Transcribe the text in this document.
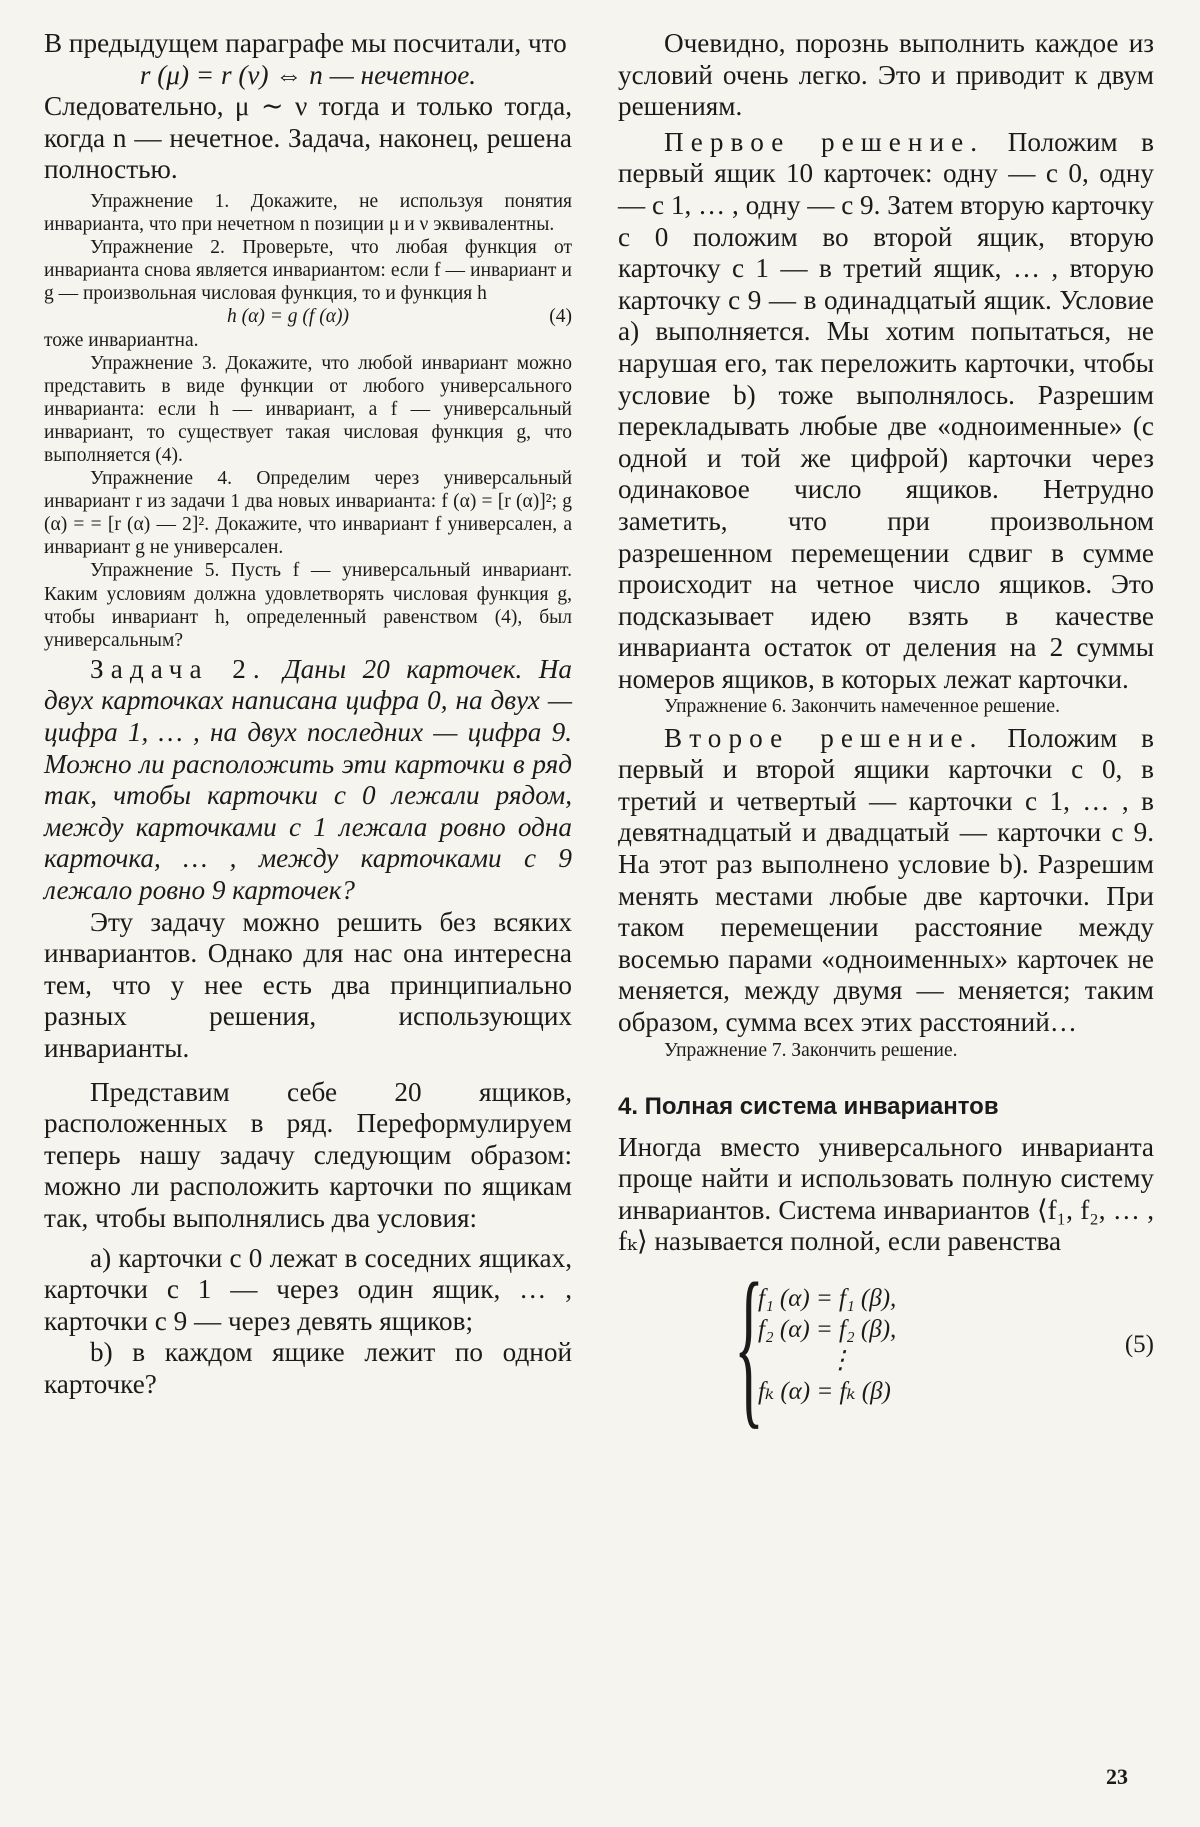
В предыдущем параграфе мы посчитали, что

r (μ) = r (ν) ⇔ n — нечетное.

Следовательно, μ ∼ ν тогда и только тогда, когда n — нечетное. Задача, наконец, решена полностью.

Упражнение 1. Докажите, не используя понятия инварианта, что при нечетном n позиции μ и ν эквивалентны.

Упражнение 2. Проверьте, что любая функция от инварианта снова является инвариантом: если f — инвариант и g — произвольная числовая функция, то и функция h

h (α) = g (f (α))	(4)

тоже инвариантна.

Упражнение 3. Докажите, что любой инвариант можно представить в виде функции от любого универсального инварианта: если h — инвариант, а f — универсальный инвариант, то существует такая числовая функция g, что выполняется (4).

Упражнение 4. Определим через универсальный инвариант r из задачи 1 два новых инварианта: f (α) = [r (α)]²; g (α) = = [r (α) — 2]². Докажите, что инвариант f универсален, а инвариант g не универсален.

Упражнение 5. Пусть f — универсальный инвариант. Каким условиям должна удовлетворять числовая функция g, чтобы инвариант h, определенный равенством (4), был универсальным?

Задача 2. Даны 20 карточек. На двух карточках написана цифра 0, на двух — цифра 1, … , на двух последних — цифра 9. Можно ли расположить эти карточки в ряд так, чтобы карточки с 0 лежали рядом, между карточками с 1 лежала ровно одна карточка, … , между карточками с 9 лежало ровно 9 карточек?

Эту задачу можно решить без всяких инвариантов. Однако для нас она интересна тем, что у нее есть два принципиально разных решения, использующих инварианты.

Представим себе 20 ящиков, расположенных в ряд. Переформулируем теперь нашу задачу следующим образом: можно ли расположить карточки по ящикам так, чтобы выполнялись два условия:

а) карточки с 0 лежат в соседних ящиках, карточки с 1 — через один ящик, … , карточки с 9 — через девять ящиков;

b) в каждом ящике лежит по одной карточке?

Очевидно, порознь выполнить каждое из условий очень легко. Это и приводит к двум решениям.

Первое решение. Положим в первый ящик 10 карточек: одну — с 0, одну — с 1, … , одну — с 9. Затем вторую карточку с 0 положим во второй ящик, вторую карточку с 1 — в третий ящик, … , вторую карточку с 9 — в одинадцатый ящик. Условие а) выполняется. Мы хотим попытаться, не нарушая его, так переложить карточки, чтобы условие b) тоже выполнялось. Разрешим перекладывать любые две «одноименные» (с одной и той же цифрой) карточки через одинаковое число ящиков. Нетрудно заметить, что при произвольном разрешенном перемещении сдвиг в сумме происходит на четное число ящиков. Это подсказывает идею взять в качестве инварианта остаток от деления на 2 суммы номеров ящиков, в которых лежат карточки.

Упражнение 6. Закончить намеченное решение.

Второе решение. Положим в первый и второй ящики карточки с 0, в третий и четвертый — карточки с 1, … , в девятнадцатый и двадцатый — карточки с 9. На этот раз выполнено условие b). Разрешим менять местами любые две карточки. При таком перемещении расстояние между восемью парами «одноименных» карточек не меняется, между двумя — меняется; таким образом, сумма всех этих расстояний…

Упражнение 7. Закончить решение.

4. Полная система инвариантов

Иногда вместо универсального инварианта проще найти и использовать полную систему инвариантов. Система инвариантов ⟨f₁, f₂, … , fₖ⟩ называется полной, если равенства

{
f₁ (α) = f₁ (β),
f₂ (α) = f₂ (β),
⋮
fₖ (α) = fₖ (β)
(5)
23
